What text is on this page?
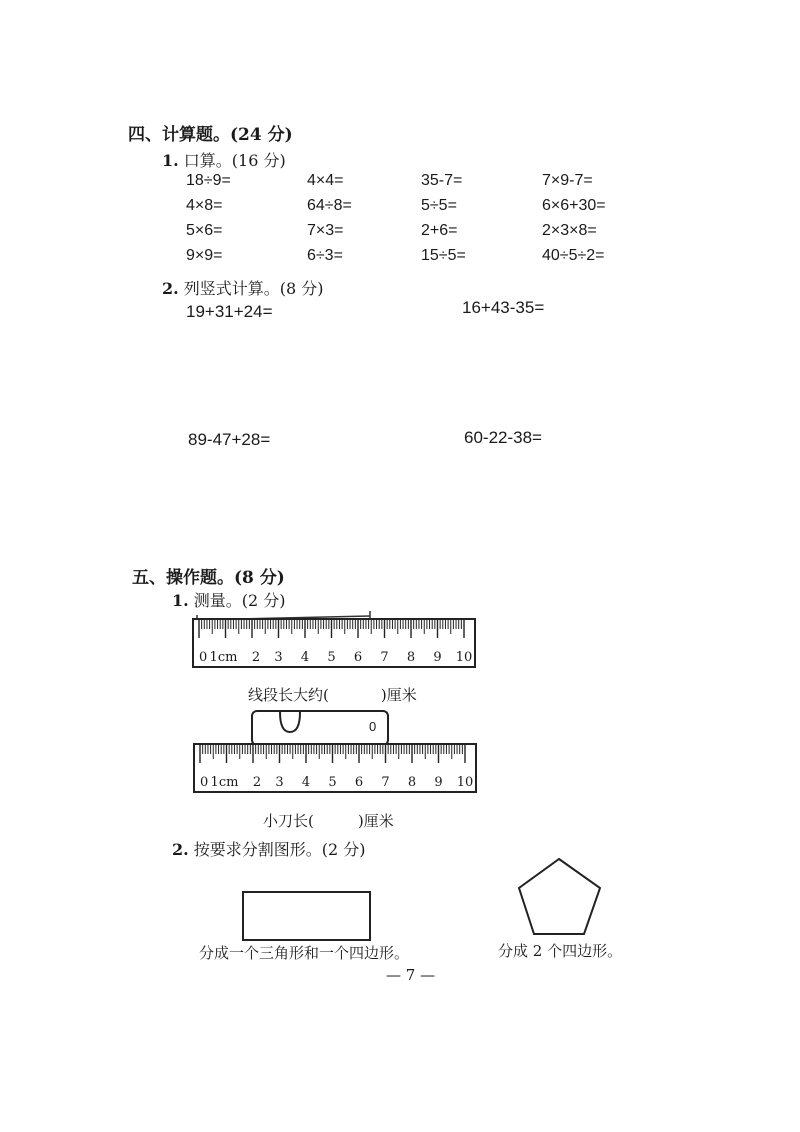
四、计算题。(24 分)
1. 口算。(16 分)
18÷9=	4×4=	35-7=	7×9-7=
4×8=	64÷8=	5÷5=	6×6+30=
5×6=	7×3=	2+6=	2×3×8=
9×9=	6÷3=	15÷5=	40÷5÷2=
2. 列竖式计算。(8 分)
19+31+24=	16+43-35=
89-47+28=	60-22-38=
五、操作题。(8 分)
1. 测量。(2 分)
0 1cm 2 3 4 5 6 7 8 9 10
线段长大约(	)厘米
0
0 1cm 2 3 4 5 6 7 8 9 10
小刀长(	)厘米
2. 按要求分割图形。(2 分)
分成一个三角形和一个四边形。	分成 2 个四边形。
— 7 —
